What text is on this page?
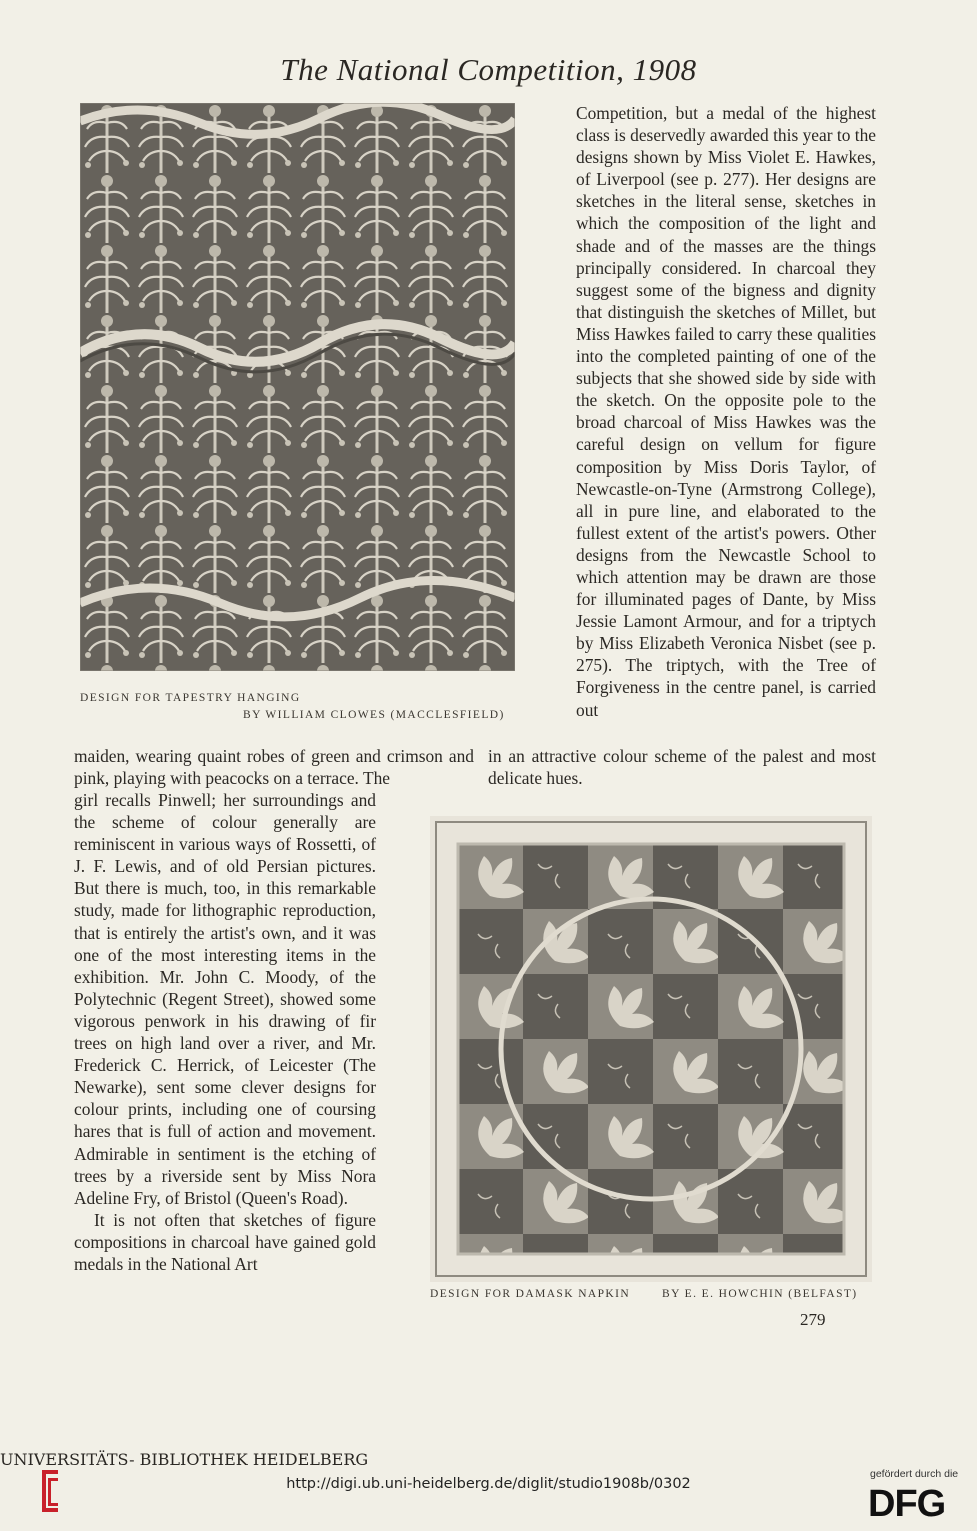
The National Competition, 1908
DESIGN FOR TAPESTRY HANGING
BY WILLIAM CLOWES (MACCLESFIELD)

Competition, but a medal of the highest class is deservedly awarded this year to the designs shown by Miss Violet E. Hawkes, of Liverpool (see p. 277). Her designs are sketches in the literal sense, sketches in which the composition of the light and shade and of the masses are the things principally considered. In charcoal they suggest some of the bigness and dignity that distinguish the sketches of Millet, but Miss Hawkes failed to carry these qualities into the completed painting of one of the subjects that she showed side by side with the sketch. On the opposite pole to the broad charcoal of Miss Hawkes was the careful design on vellum for figure composition by Miss Doris Taylor, of Newcastle-on-Tyne (Armstrong College), all in pure line, and elaborated to the fullest extent of the artist's powers. Other designs from the Newcastle School to which attention may be drawn are those for illuminated pages of Dante, by Miss Jessie Lamont Armour, and for a triptych by Miss Elizabeth Veronica Nisbet (see p. 275). The triptych, with the Tree of Forgiveness in the centre panel, is carried out

maiden, wearing quaint robes of green and crimson and pink, playing with peacocks on a terrace. The

in an attractive colour scheme of the palest and most delicate hues.

girl recalls Pinwell; her surroundings and the scheme of colour generally are reminiscent in various ways of Rossetti, of J. F. Lewis, and of old Persian pictures. But there is much, too, in this remarkable study, made for lithographic reproduction, that is entirely the artist's own, and it was one of the most interesting items in the exhibition. Mr. John C. Moody, of the Polytechnic (Regent Street), showed some vigorous penwork in his drawing of fir trees on high land over a river, and Mr. Frederick C. Herrick, of Leicester (The Newarke), sent some clever designs for colour prints, including one of coursing hares that is full of action and movement. Admirable in sentiment is the etching of trees by a riverside sent by Miss Nora Adeline Fry, of Bristol (Queen's Road).

It is not often that sketches of figure compositions in charcoal have gained gold medals in the National Art

DESIGN FOR DAMASK NAPKIN	BY E. E. HOWCHIN (BELFAST)
279
UNIVERSITÄTS- BIBLIOTHEK HEIDELBERG
http://digi.ub.uni-heidelberg.de/diglit/studio1908b/0302
gefördert durch die
DFG
